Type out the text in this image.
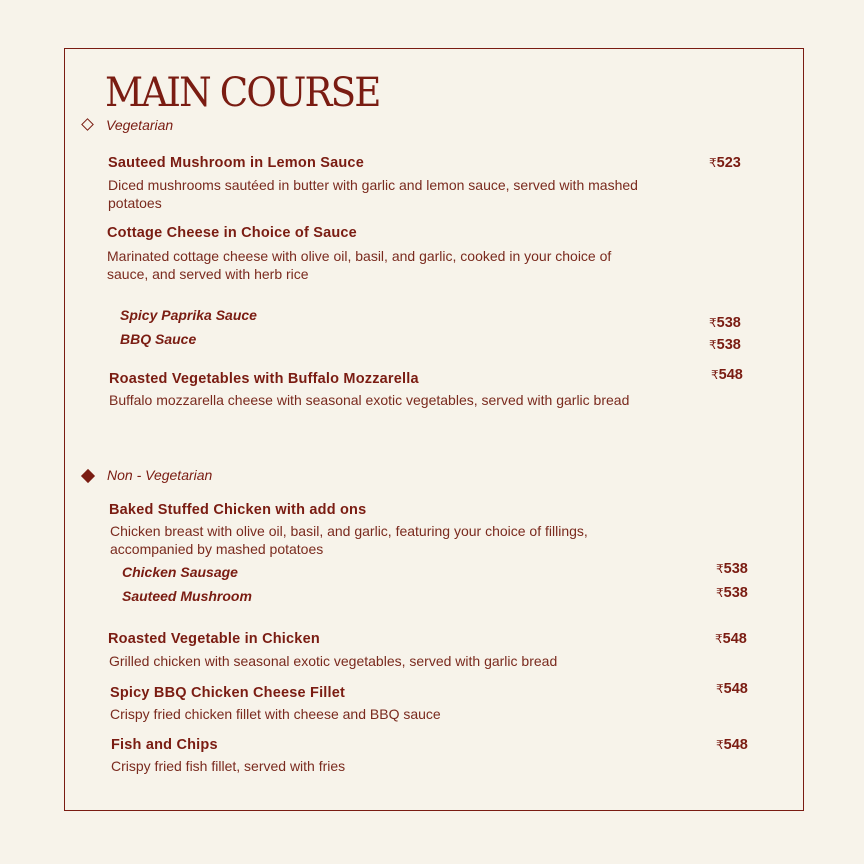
MAIN COURSE
Vegetarian
Sauteed Mushroom in Lemon Sauce	₹523
Diced mushrooms sautéed in butter with garlic and lemon sauce, served with mashed potatoes
Cottage Cheese in Choice of Sauce
Marinated cottage cheese with olive oil, basil, and garlic, cooked in your choice of sauce, and served with herb rice
Spicy Paprika Sauce	₹538
BBQ Sauce	₹538
Roasted Vegetables with Buffalo Mozzarella	₹548
Buffalo mozzarella cheese with seasonal exotic vegetables, served with garlic bread
Non - Vegetarian
Baked Stuffed Chicken with add ons
Chicken breast with olive oil, basil, and garlic, featuring your choice of fillings, accompanied by mashed potatoes
Chicken Sausage	₹538
Sauteed Mushroom	₹538
Roasted Vegetable in Chicken	₹548
Grilled chicken with seasonal exotic vegetables, served with garlic bread
Spicy BBQ Chicken Cheese Fillet	₹548
Crispy fried chicken fillet with cheese and BBQ sauce
Fish and Chips	₹548
Crispy fried fish fillet, served with fries
